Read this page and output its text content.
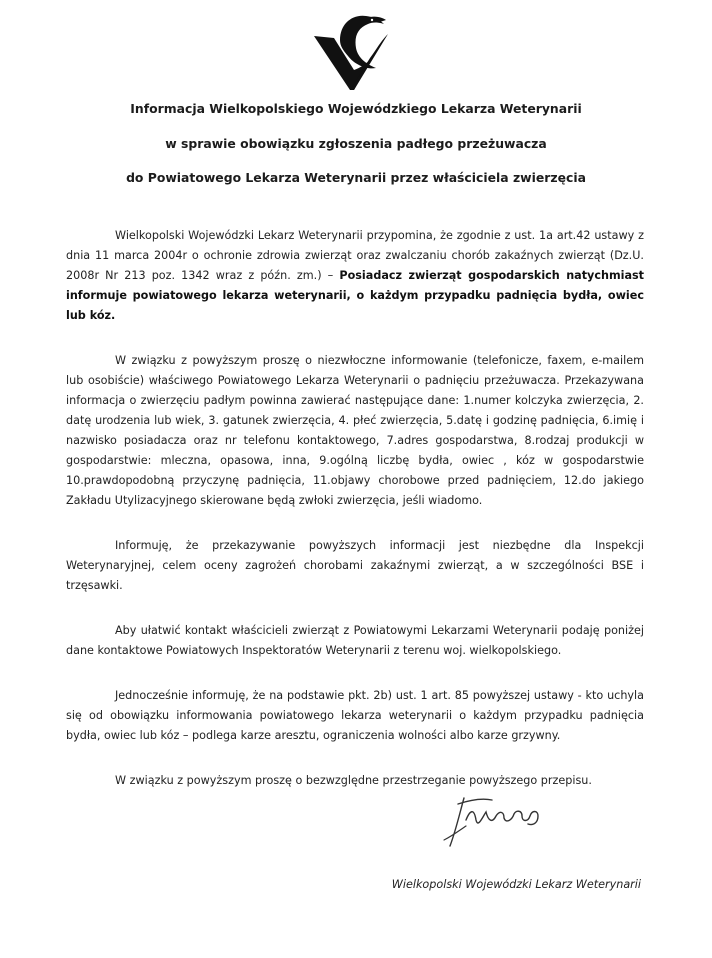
Informacja Wielkopolskiego Wojewódzkiego Lekarza Weterynarii
w sprawie obowiązku zgłoszenia padłego przeżuwacza
do Powiatowego Lekarza Weterynarii przez właściciela zwierzęcia

Wielkopolski Wojewódzki Lekarz Weterynarii przypomina, że zgodnie z ust. 1a art.42 ustawy z dnia 11 marca 2004r o ochronie zdrowia zwierząt oraz zwalczaniu chorób zakaźnych zwierząt (Dz.U. 2008r Nr 213 poz. 1342 wraz z późn. zm.) – Posiadacz zwierząt gospodarskich natychmiast informuje powiatowego lekarza weterynarii, o każdym przypadku padnięcia bydła, owiec lub kóz.

W związku z powyższym proszę o niezwłoczne informowanie (telefonicze, faxem, e-mailem lub osobiście) właściwego Powiatowego Lekarza Weterynarii o padnięciu przeżuwacza. Przekazywana informacja o zwierzęciu padłym powinna zawierać następujące dane: 1.numer kolczyka zwierzęcia, 2. datę urodzenia lub wiek, 3. gatunek zwierzęcia, 4. płeć zwierzęcia, 5.datę i godzinę padnięcia, 6.imię i nazwisko posiadacza oraz nr telefonu kontaktowego, 7.adres gospodarstwa, 8.rodzaj produkcji w gospodarstwie: mleczna, opasowa, inna, 9.ogólną liczbę bydła, owiec , kóz w gospodarstwie 10.prawdopodobną przyczynę padnięcia, 11.objawy chorobowe przed padnięciem, 12.do jakiego Zakładu Utylizacyjnego skierowane będą zwłoki zwierzęcia, jeśli wiadomo.

Informuję, że przekazywanie powyższych informacji jest niezbędne dla Inspekcji Weterynaryjnej, celem oceny zagrożeń chorobami zakaźnymi zwierząt, a w szczególności BSE i trzęsawki.

Aby ułatwić kontakt właścicieli zwierząt z Powiatowymi Lekarzami Weterynarii podaję poniżej dane kontaktowe Powiatowych Inspektoratów Weterynarii z terenu woj. wielkopolskiego.

Jednocześnie informuję, że na podstawie pkt. 2b) ust. 1 art. 85 powyższej ustawy - kto uchyla się od obowiązku informowania powiatowego lekarza weterynarii o każdym przypadku padnięcia bydła, owiec lub kóz – podlega karze aresztu, ograniczenia wolności albo karze grzywny.

W związku z powyższym proszę o bezwzględne przestrzeganie powyższego przepisu.

Wielkopolski Wojewódzki Lekarz Weterynarii
